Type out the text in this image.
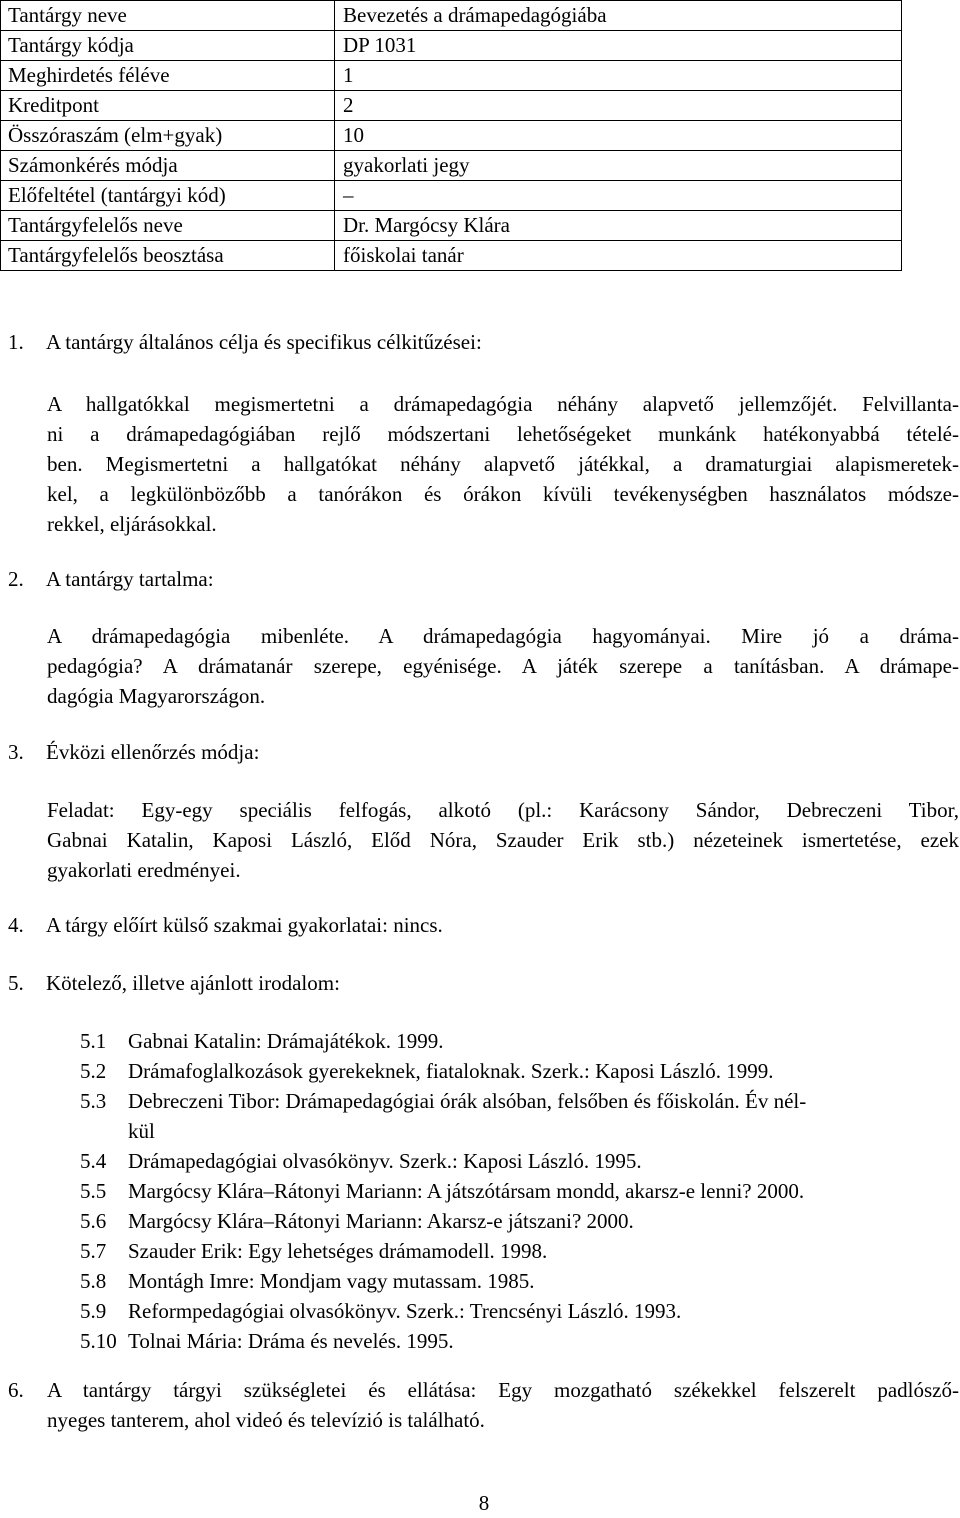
Tantárgy neve	Bevezetés a drámapedagógiába
Tantárgy kódja	DP 1031
Meghirdetés féléve	1
Kreditpont	2
Összóraszám (elm+gyak)	10
Számonkérés módja	gyakorlati jegy
Előfeltétel (tantárgyi kód)	–
Tantárgyfelelős neve	Dr. Margócsy Klára
Tantárgyfelelős beosztása	főiskolai tanár
1. A tantárgy általános célja és specifikus célkitűzései:
A hallgatókkal megismertetni a drámapedagógia néhány alapvető jellemzőjét. Felvillanta-
ni a drámapedagógiában rejlő módszertani lehetőségeket munkánk hatékonyabbá tételé-
ben. Megismertetni a hallgatókat néhány alapvető játékkal, a dramaturgiai alapismeretek-
kel, a legkülönbözőbb a tanórákon és órákon kívüli tevékenységben használatos módsze-
rekkel, eljárásokkal.
2. A tantárgy tartalma:
A drámapedagógia mibenléte. A drámapedagógia hagyományai. Mire jó a dráma-
pedagógia? A drámatanár szerepe, egyénisége. A játék szerepe a tanításban. A drámape-
dagógia Magyarországon.
3. Évközi ellenőrzés módja:
Feladat: Egy-egy speciális felfogás, alkotó (pl.: Karácsony Sándor, Debreczeni Tibor,
Gabnai Katalin, Kaposi László, Előd Nóra, Szauder Erik stb.) nézeteinek ismertetése, ezek
gyakorlati eredményei.
4. A tárgy előírt külső szakmai gyakorlatai: nincs.
5. Kötelező, illetve ajánlott irodalom:
5.1	Gabnai Katalin: Drámajátékok. 1999.
5.2	Drámafoglalkozások gyerekeknek, fiataloknak. Szerk.: Kaposi László. 1999.
5.3	Debreczeni Tibor: Drámapedagógiai órák alsóban, felsőben és főiskolán. Év nél-
kül
5.4	Drámapedagógiai olvasókönyv. Szerk.: Kaposi László. 1995.
5.5	Margócsy Klára–Rátonyi Mariann: A játszótársam mondd, akarsz-e lenni? 2000.
5.6	Margócsy Klára–Rátonyi Mariann: Akarsz-e játszani? 2000.
5.7	Szauder Erik: Egy lehetséges drámamodell. 1998.
5.8	Montágh Imre: Mondjam vagy mutassam. 1985.
5.9	Reformpedagógiai olvasókönyv. Szerk.: Trencsényi László. 1993.
5.10 Tolnai Mária: Dráma és nevelés. 1995.
6.	A tantárgy tárgyi szükségletei és ellátása: Egy mozgatható székekkel felszerelt padlósző-
nyeges tanterem, ahol videó és televízió is található.
8
